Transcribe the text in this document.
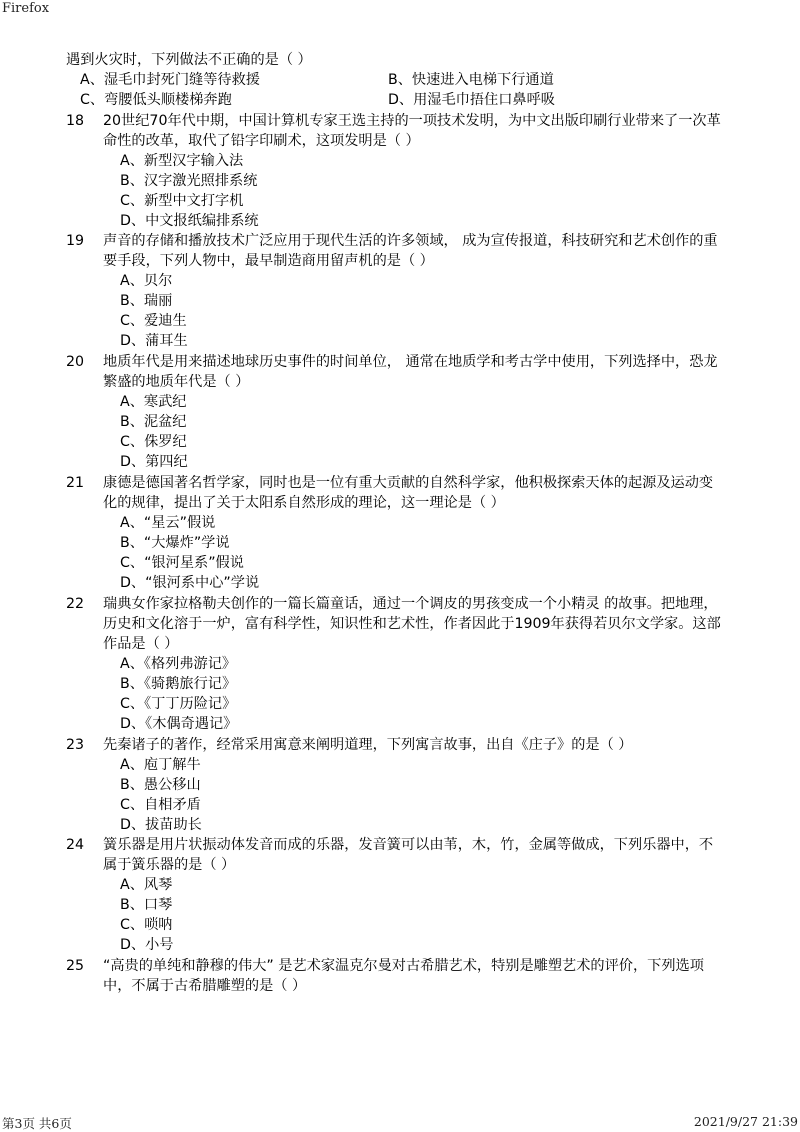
Firefox
遇到火灾时，下列做法不正确的是（ ）
A、湿毛巾封死门缝等待救援	B、快速进入电梯下行通道
C、弯腰低头顺楼梯奔跑	D、用湿毛巾捂住口鼻呼吸
18 20世纪70年代中期，中国计算机专家王选主持的一项技术发明，为中文出版印刷行业带来了一次革
命性的改革，取代了铅字印刷术，这项发明是（ ）
A、新型汉字输入法
B、汉字激光照排系统
C、新型中文打字机
D、中文报纸编排系统
19 声音的存储和播放技术广泛应用于现代生活的许多领域， 成为宣传报道，科技研究和艺术创作的重
要手段，下列人物中，最早制造商用留声机的是（ ）
A、贝尔
B、瑞丽
C、爱迪生
D、蒲耳生
20 地质年代是用来描述地球历史事件的时间单位， 通常在地质学和考古学中使用，下列选择中，恐龙
繁盛的地质年代是（ ）
A、寒武纪
B、泥盆纪
C、侏罗纪
D、第四纪
21 康德是德国著名哲学家，同时也是一位有重大贡献的自然科学家，他积极探索天体的起源及运动变
化的规律，提出了关于太阳系自然形成的理论，这一理论是（ ）
A、“星云”假说
B、“大爆炸”学说
C、“银河星系”假说
D、“银河系中心”学说
22 瑞典女作家拉格勒夫创作的一篇长篇童话，通过一个调皮的男孩变成一个小精灵 的故事。把地理，
历史和文化溶于一炉，富有科学性，知识性和艺术性，作者因此于1909年获得若贝尔文学家。这部
作品是（ ）
A、《格列弗游记》
B、《骑鹅旅行记》
C、《丁丁历险记》
D、《木偶奇遇记》
23 先秦诸子的著作，经常采用寓意来阐明道理，下列寓言故事，出自《庄子》的是（ ）
A、庖丁解牛
B、愚公移山
C、自相矛盾
D、拔苗助长
24 簧乐器是用片状振动体发音而成的乐器，发音簧可以由苇，木，竹，金属等做成，下列乐器中，不
属于簧乐器的是（ ）
A、风琴
B、口琴
C、唢呐
D、小号
25 “高贵的单纯和静穆的伟大” 是艺术家温克尔曼对古希腊艺术，特别是雕塑艺术的评价，下列选项
中，不属于古希腊雕塑的是（ ）
第3页 共6页	2021/9/27 21:39
